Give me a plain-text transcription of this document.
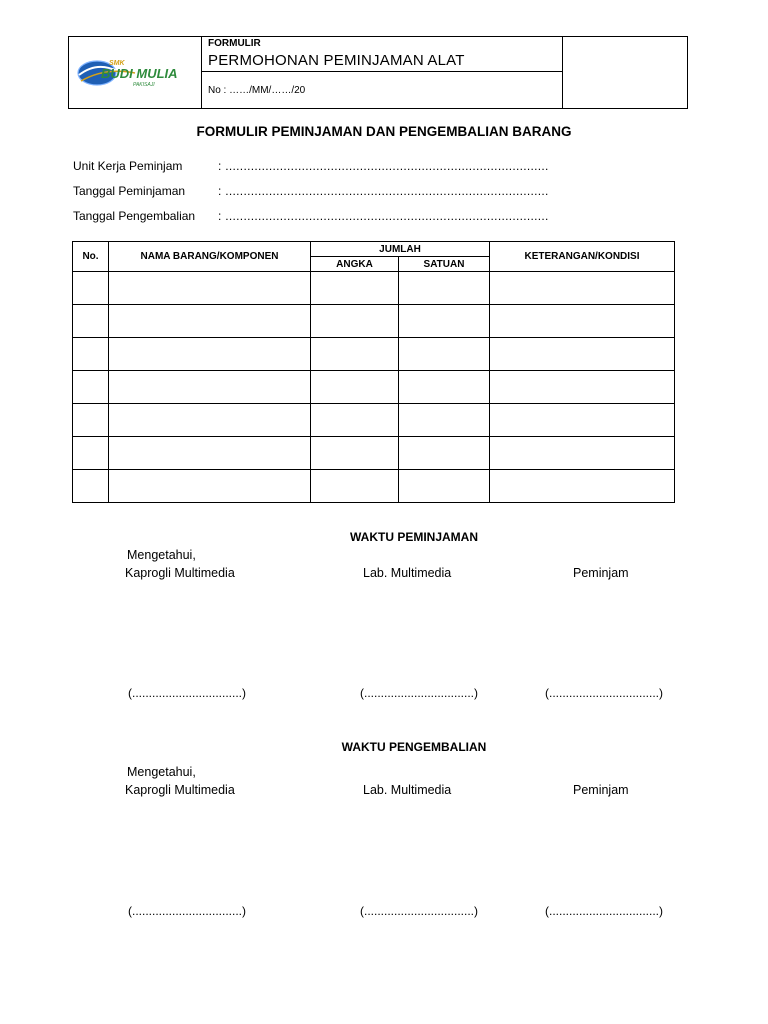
SMK
BUDI MULIA
PAKISAJI
FORMULIR
PERMOHONAN PEMINJAMAN ALAT
No : ……/MM/……/20
FORMULIR PEMINJAMAN DAN PENGEMBALIAN BARANG
Unit Kerja Peminjam	: .........................................................................................
Tanggal Peminjaman	: .........................................................................................
Tanggal Pengembalian : .........................................................................................
No.	NAMA BARANG/KOMPONEN	JUMLAH		KETERANGAN/KONDISI
		ANGKA	SATUAN	

WAKTU PEMINJAMAN
Mengetahui,
Kaprogli Multimedia	Lab. Multimedia	Peminjam
(.................................)	(.................................)	(.................................)
WAKTU PENGEMBALIAN
Mengetahui,
Kaprogli Multimedia	Lab. Multimedia	Peminjam
(.................................)	(.................................)	(.................................)
